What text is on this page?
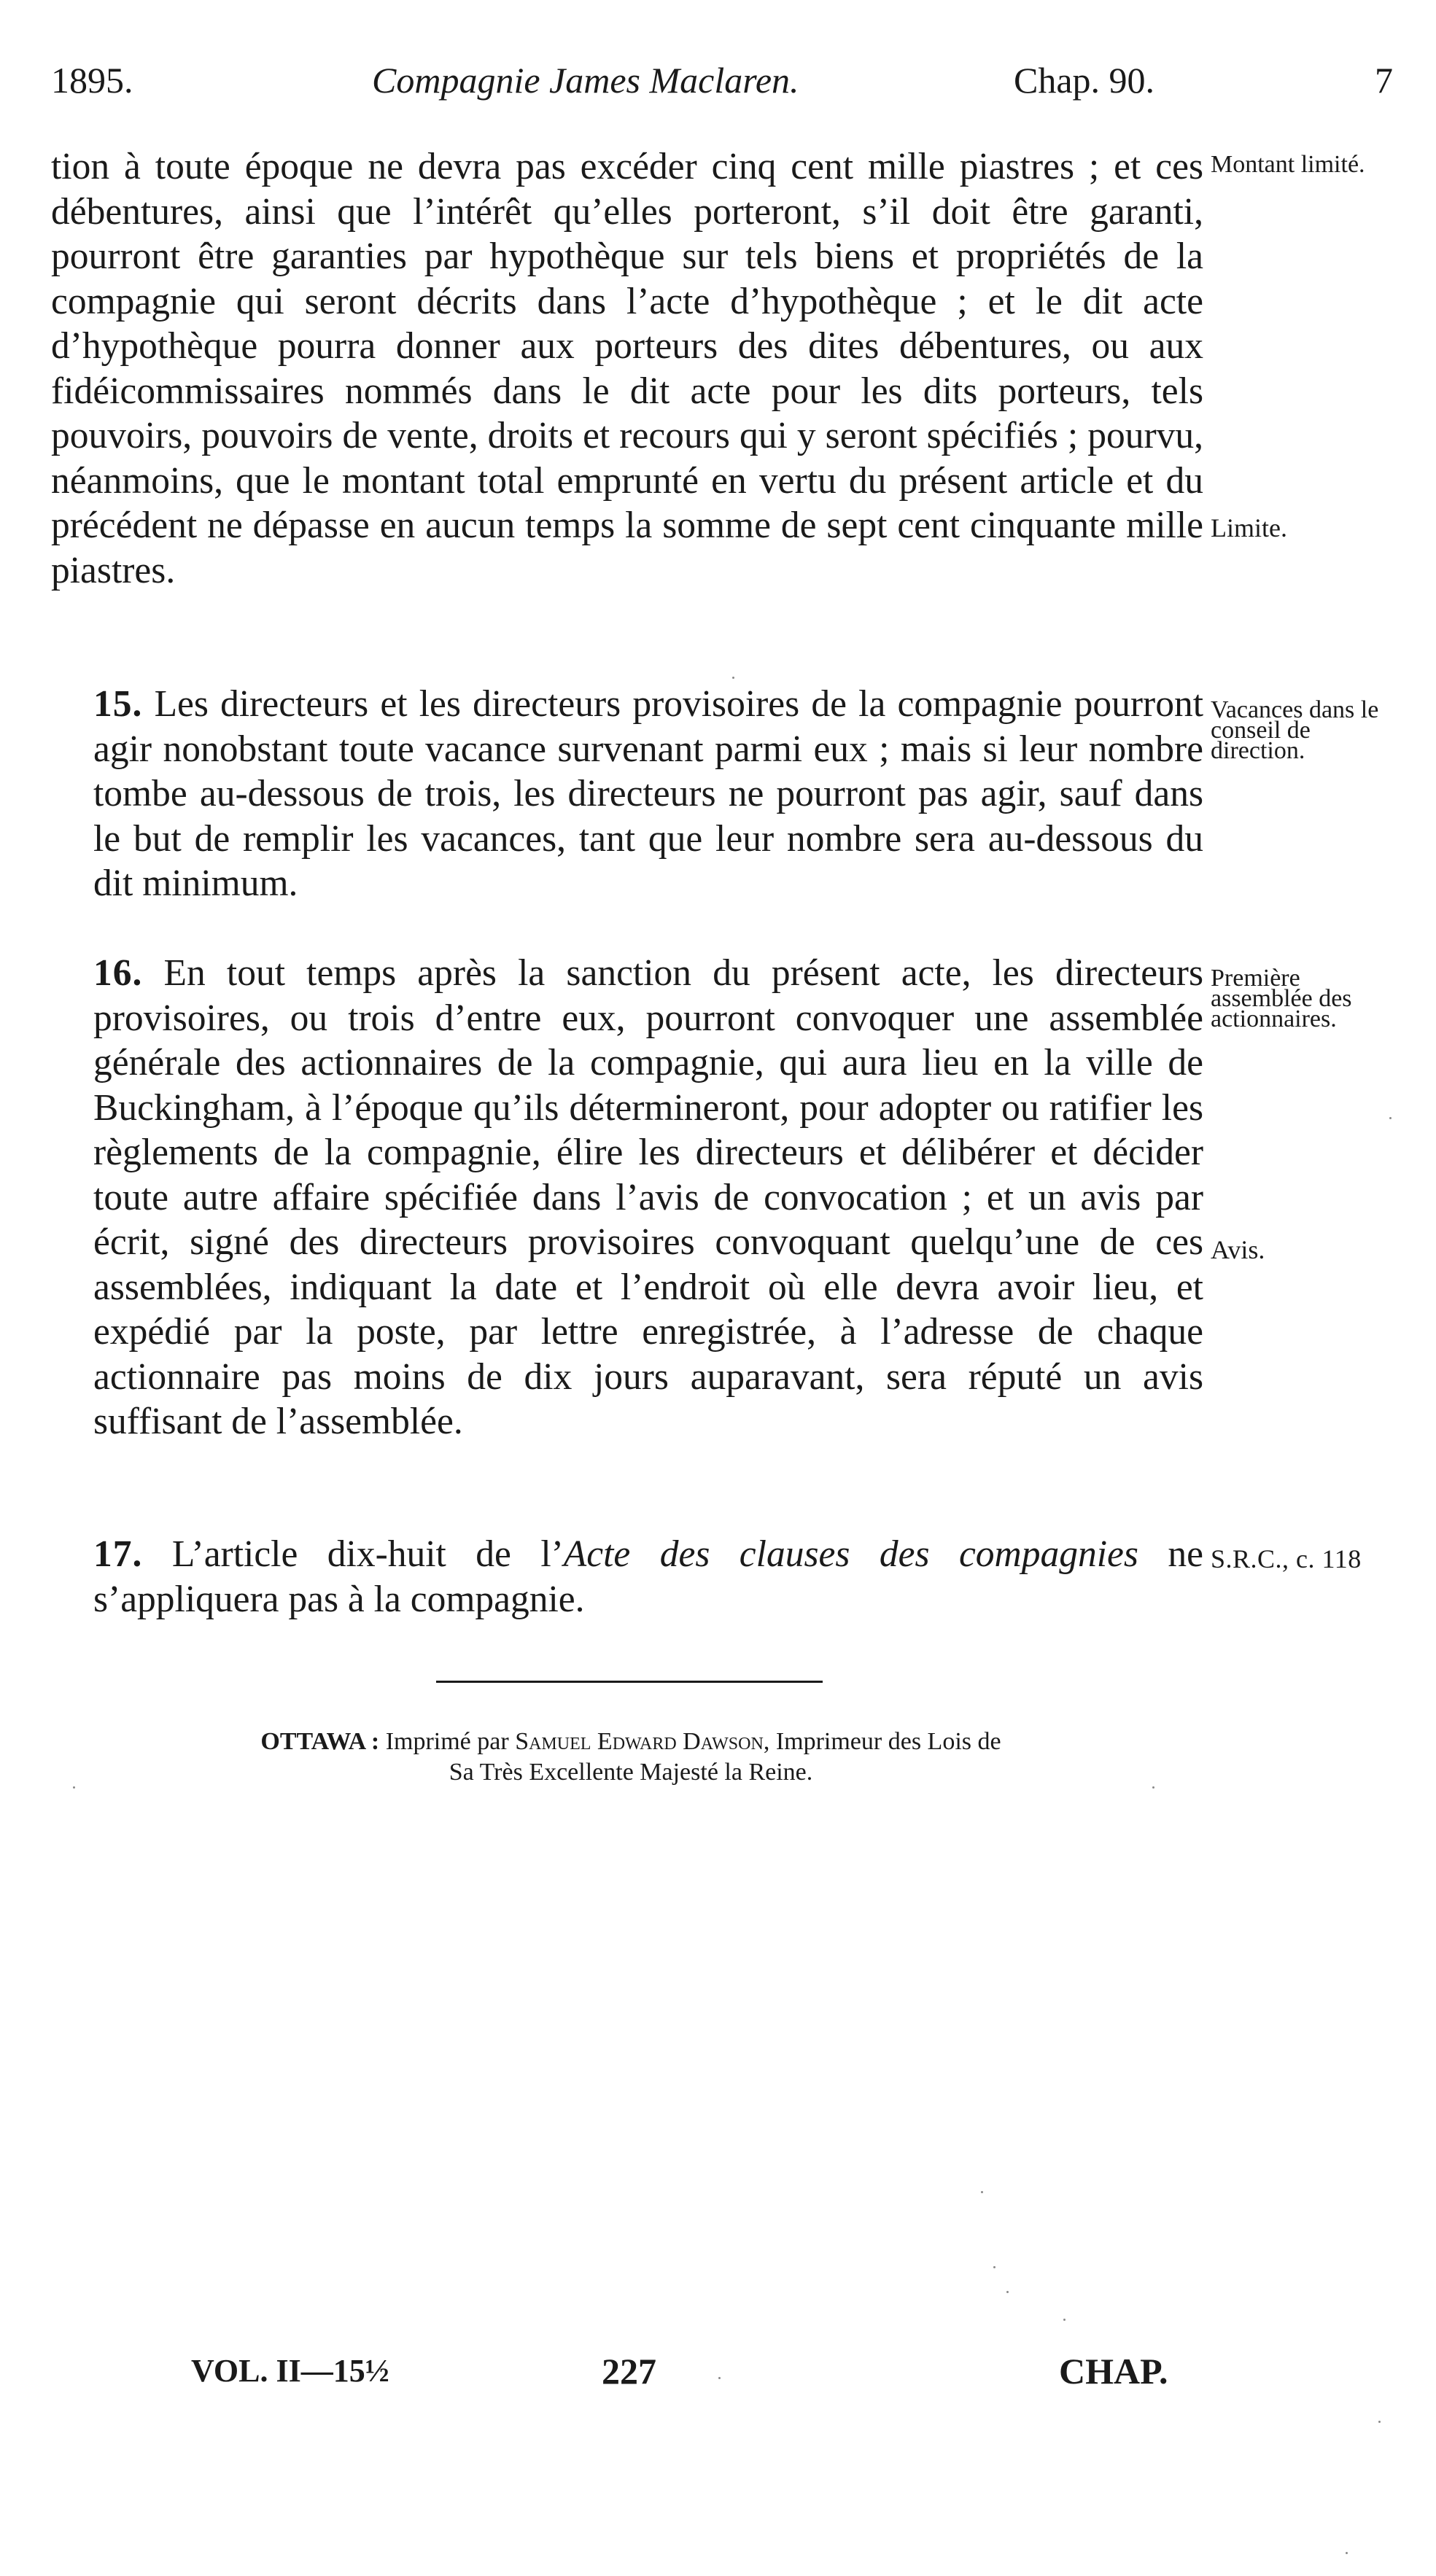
1895.	Compagnie James Maclaren.	Chap. 90.	7

tion à toute époque ne devra pas excéder cinq cent mille piastres ; et ces débentures, ainsi que l’intérêt qu’elles porteront, s’il doit être garanti, pourront être garanties par hypothèque sur tels biens et propriétés de la compagnie qui seront décrits dans l’acte d’hypothèque ; et le dit acte d’hypothèque pourra donner aux porteurs des dites débentures, ou aux fidéicommissaires nommés dans le dit acte pour les dits porteurs, tels pouvoirs, pouvoirs de vente, droits et recours qui y seront spécifiés ; pourvu, néanmoins, que le montant total emprunté en vertu du présent article et du précédent ne dépasse en aucun temps la somme de sept cent cinquante mille piastres.

15. Les directeurs et les directeurs provisoires de la compagnie pourront agir nonobstant toute vacance survenant parmi eux ; mais si leur nombre tombe au-dessous de trois, les directeurs ne pourront pas agir, sauf dans le but de remplir les vacances, tant que leur nombre sera au-dessous du dit minimum.

16. En tout temps après la sanction du présent acte, les directeurs provisoires, ou trois d’entre eux, pourront convoquer une assemblée générale des actionnaires de la compagnie, qui aura lieu en la ville de Buckingham, à l’époque qu’ils détermineront, pour adopter ou ratifier les règlements de la compagnie, élire les directeurs et délibérer et décider toute autre affaire spécifiée dans l’avis de convocation ; et un avis par écrit, signé des directeurs provisoires convoquant quelqu’une de ces assemblées, indiquant la date et l’endroit où elle devra avoir lieu, et expédié par la poste, par lettre enregistrée, à l’adresse de chaque actionnaire pas moins de dix jours auparavant, sera réputé un avis suffisant de l’assemblée.

17. L’article dix-huit de l’Acte des clauses des compagnies ne s’appliquera pas à la compagnie.

Montant limité.
Limite.
Vacances dans le conseil de direction.
Première assemblée des actionnaires.
Avis.
S.R.C., c. 118
OTTAWA : Imprimé par Samuel Edward Dawson, Imprimeur des Lois de
Sa Très Excellente Majesté la Reine.
VOL. II—15½	227	CHAP.
